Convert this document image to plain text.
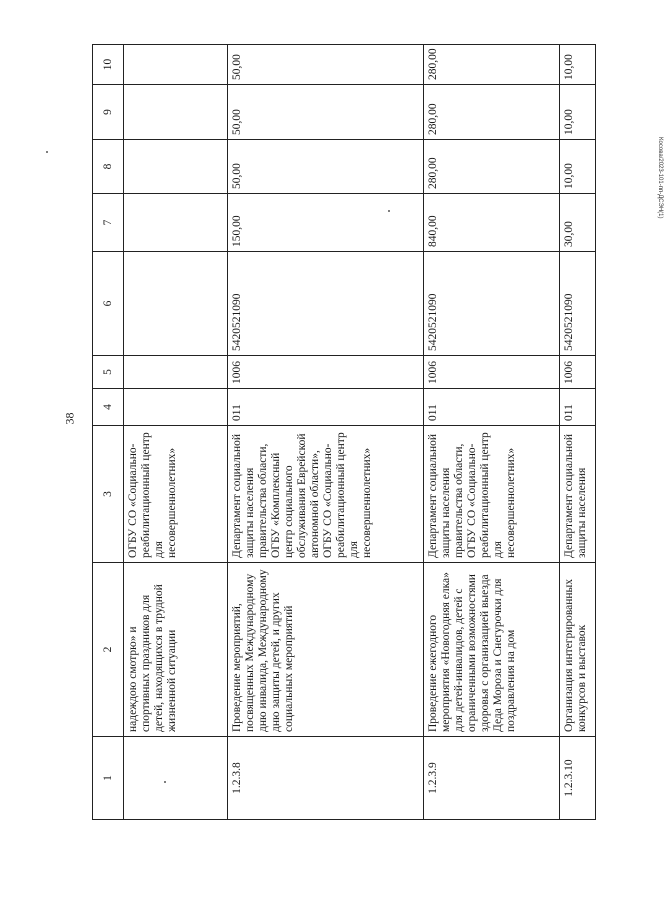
38
Косова/2023-101-пп-ДСЭН(1)
1	2	3	4	5	6	7	8	9	10
	надеждою смотрю» и спортивных праздников для детей, находящихся в трудной жизненной ситуации	ОГБУ СО «Социально-реабилитационный центр для несовершеннолетних»							
1.2.3.8	Проведение мероприятий, посвященных Международному дню инвалида, Международному дню защиты детей, и других социальных мероприятий	Департамент социальной защиты населения правительства области, ОГБУ «Комплексный центр социального обслуживания Еврейской автономной области», ОГБУ СО «Социально-реабилитационный центр для несовершеннолетних»	011	1006	5420521090	150,00	50,00	50,00	50,00
1.2.3.9	Проведение ежегодного мероприятия «Новогодняя елка» для детей-инвалидов, детей с ограниченными возможностями здоровья с организацией выезда Деда Мороза и Снегурочки для поздравления на дом	Департамент социальной защиты населения правительства области, ОГБУ СО «Социально-реабилитационный центр для несовершеннолетних»	011	1006	5420521090	840,00	280,00	280,00	280,00
1.2.3.10	Организация интегрированных конкурсов и выставок	Департамент социальной защиты населения	011	1006	5420521090	30,00	10,00	10,00	10,00
